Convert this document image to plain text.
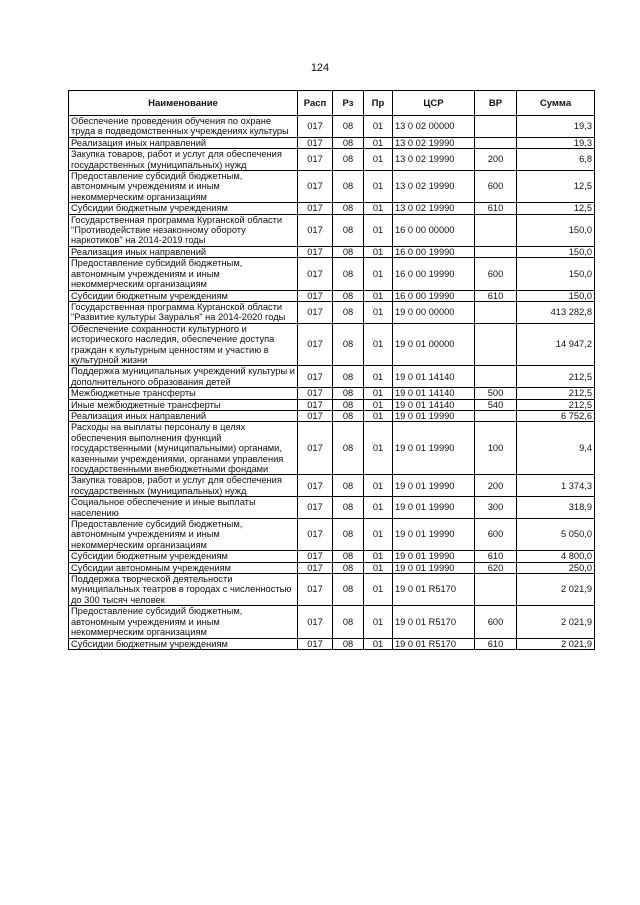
124
Наименование	Расп	Рз	Пр	ЦСР	ВР	Сумма
Обеспечение проведения обучения по охране труда в подведомственных учреждениях культуры	017	08	01	13 0 02 00000		19,3
Реализация иных направлений	017	08	01	13 0 02 19990		19,3
Закупка товаров, работ и услуг для обеспечения государственных (муниципальных) нужд	017	08	01	13 0 02 19990	200	6,8
Предоставление субсидий бюджетным, автономным учреждениям и иным некоммерческим организациям	017	08	01	13 0 02 19990	600	12,5
Субсидии бюджетным учреждениям	017	08	01	13 0 02 19990	610	12,5
Государственная программа Курганской области "Противодействие незаконному обороту наркотиков" на 2014-2019 годы	017	08	01	16 0 00 00000		150,0
Реализация иных направлений	017	08	01	16 0 00 19990		150,0
Предоставление субсидий бюджетным, автономным учреждениям и иным некоммерческим организациям	017	08	01	16 0 00 19990	600	150,0
Субсидии бюджетным учреждениям	017	08	01	16 0 00 19990	610	150,0
Государственная программа Курганской области "Развитие культуры Зауралья" на 2014-2020 годы	017	08	01	19 0 00 00000		413 282,8
Обеспечение сохранности культурного и исторического наследия, обеспечение доступа граждан к культурным ценностям и участию в культурной жизни	017	08	01	19 0 01 00000		14 947,2
Поддержка муниципальных учреждений культуры и дополнительного образования детей	017	08	01	19 0 01 14140		212,5
Межбюджетные трансферты	017	08	01	19 0 01 14140	500	212,5
Иные межбюджетные трансферты	017	08	01	19 0 01 14140	540	212,5
Реализация иных направлений	017	08	01	19 0 01 19990		6 752,6
Расходы на выплаты персоналу в целях обеспечения выполнения функций государственными (муниципальными) органами, казенными учреждениями, органами управления государственными внебюджетными фондами	017	08	01	19 0 01 19990	100	9,4
Закупка товаров, работ и услуг для обеспечения государственных (муниципальных) нужд	017	08	01	19 0 01 19990	200	1 374,3
Социальное обеспечение и иные выплаты населению	017	08	01	19 0 01 19990	300	318,9
Предоставление субсидий бюджетным, автономным учреждениям и иным некоммерческим организациям	017	08	01	19 0 01 19990	600	5 050,0
Субсидии бюджетным учреждениям	017	08	01	19 0 01 19990	610	4 800,0
Субсидии автономным учреждениям	017	08	01	19 0 01 19990	620	250,0
Поддержка творческой деятельности муниципальных театров в городах с численностью до 300 тысяч человек	017	08	01	19 0 01 R5170		2 021,9
Предоставление субсидий бюджетным, автономным учреждениям и иным некоммерческим организациям	017	08	01	19 0 01 R5170	600	2 021,9
Субсидии бюджетным учреждениям	017	08	01	19 0 01 R5170	610	2 021,9
